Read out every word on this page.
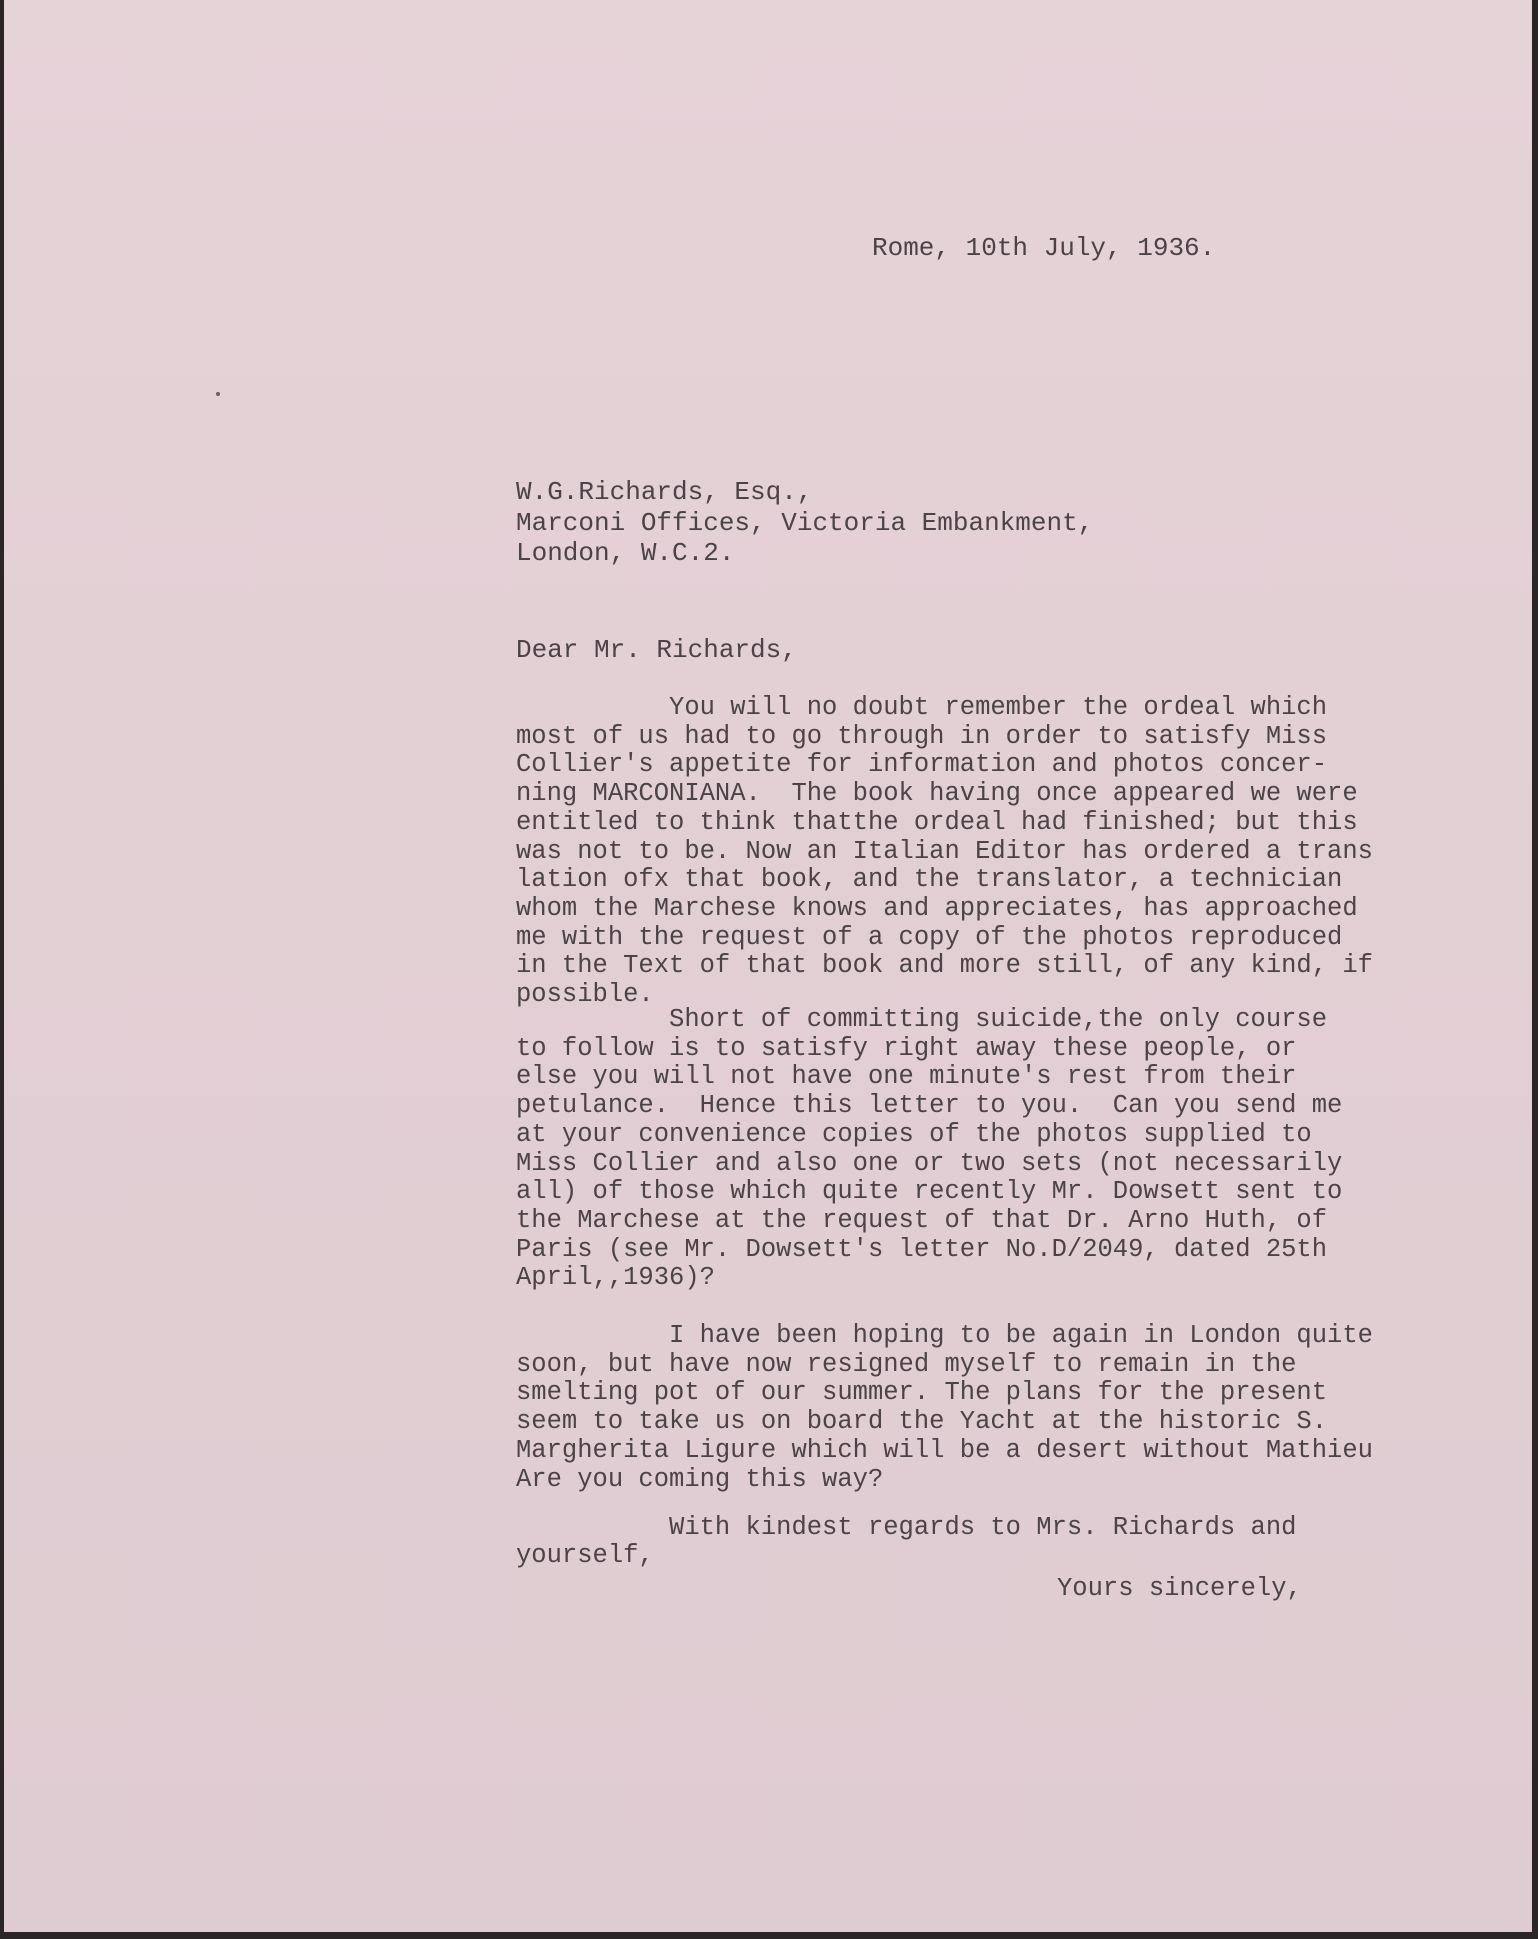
Rome, 10th July, 1936.

W.G.Richards, Esq.,
Marconi Offices, Victoria Embankment,
London, W.C.2.

Dear Mr. Richards,

You will no doubt remember the ordeal which
most of us had to go through in order to satisfy Miss
Collier's appetite for information and photos concer-
ning MARCONIANA.  The book having once appeared we were
entitled to think thatthe ordeal had finished; but this
was not to be. Now an Italian Editor has ordered a trans
lation ofx that book, and the translator, a technician
whom the Marchese knows and appreciates, has approached
me with the request of a copy of the photos reproduced
in the Text of that book and more still, of any kind, if
possible.

Short of committing suicide,the only course
to follow is to satisfy right away these people, or
else you will not have one minute's rest from their
petulance.  Hence this letter to you.  Can you send me
at your convenience copies of the photos supplied to
Miss Collier and also one or two sets (not necessarily
all) of those which quite recently Mr. Dowsett sent to
the Marchese at the request of that Dr. Arno Huth, of
Paris (see Mr. Dowsett's letter No.D/2049, dated 25th
April,,1936)?

I have been hoping to be again in London quite
soon, but have now resigned myself to remain in the
smelting pot of our summer. The plans for the present
seem to take us on board the Yacht at the historic S.
Margherita Ligure which will be a desert without Mathieu
Are you coming this way?

With kindest regards to Mrs. Richards and
yourself,

Yours sincerely,
